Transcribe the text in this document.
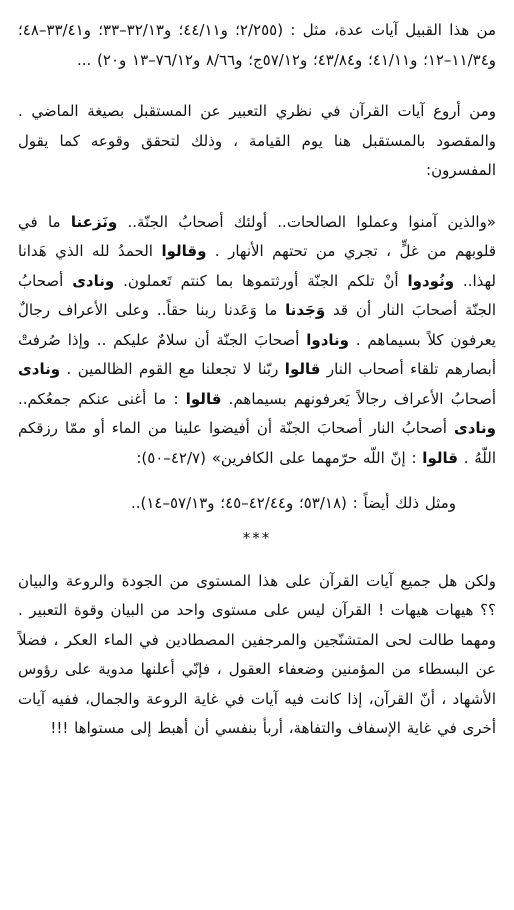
من هذا القبيل آيات عدة، مثل : (٢/٢٥٥؛ و٤٤/١١؛ و٣٢/١٣–٣٣؛ و٣٣/٤١–٤٨؛ و١١/٣٤–١٢؛ و٤١/١١؛ و٤٣/٨٤؛ و٥٧/١٢ج؛ و٨/٦٦ و٧٦/١٢–١٣ و٢٠) ...

ومن أروع آيات القرآن في نظري التعبير عن المستقبل بصيغة الماضي . والمقصود بالمستقبل هنا يوم القيامة ، وذلك لتحقق وقوعه كما يقول المفسرون:

«والذين آمنوا وعملوا الصالحات.. أولئك أصحابُ الجنّة.. ونَزعنا ما في قلوبهم من غلٍّ ، تجري من تحتهم الأنهار . وقالوا الحمدُ لله الذي هَدانا لهذا.. ونُودوا أنْ تلكم الجنّة أورثتموها بما كنتم تَعملون. ونادى أصحابُ الجنّة أصحابَ النار أن قد وَجَدنا ما وَعَدنا ربنا حقاً.. وعلى الأعراف رجالٌ يعرفون كلاً بسيماهم . ونادوا أصحابَ الجنّة أن سلامٌ عليكم .. وإذا صُرفتْ أبصارهم تلقاء أصحاب النار قالوا ربّنا لا تجعلنا مع القوم الظالمين . ونادى أصحابُ الأعراف رجالاً يَعرفونهم بسيماهم. قالوا : ما أغنى عنكم جمعُكم.. ونادى أصحابُ النار أصحابَ الجنّة أن أفيضوا علينا من الماء أو ممّا رزقكم اللّهُ . قالوا : إنّ اللّه حرّمهما على الكافرين» (٤٢/٧–٥٠):

ومثل ذلك أيضاً : (٥٣/١٨؛ و٤٢/٤٤–٤٥؛ و٥٧/١٣–١٤)..

***

ولكن هل جميع آيات القرآن على هذا المستوى من الجودة والروعة والبيان ؟؟ هيهات هيهات ! القرآن ليس على مستوى واحد من البيان وقوة التعبير . ومهما طالت لحى المتشنّجين والمرجفين المصطادين في الماء العكر ، فضلاً عن البسطاء من المؤمنين وضعفاء العقول ، فإنّي أعلنها مدوية على رؤوس الأشهاد ، أنّ القرآن، إذا كانت فيه آيات في غاية الروعة والجمال، ففيه آيات أخرى في غاية الإسفاف والتفاهة، أربأ بنفسي أن أهبط إلى مستواها !!!
